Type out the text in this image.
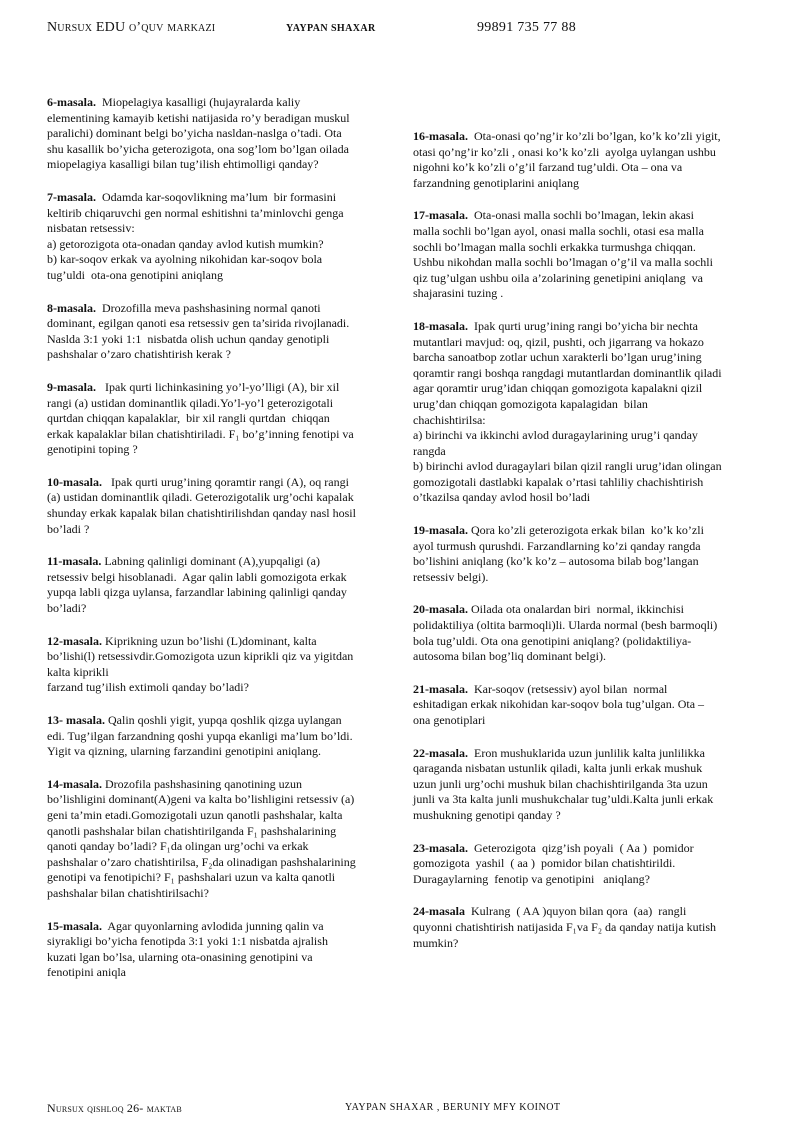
Nursux EDU o’quv markazi	YAYPAN SHAXAR	99891 735 77 88
6-masala.  Miopelagiya kasalligi (hujayralarda kaliy
elementining kamayib ketishi natijasida ro’y beradigan muskul
paralichi) dominant belgi bo’yicha nasldan-naslga o’tadi. Ota
shu kasallik bo’yicha geterozigota, ona sog’lom bo’lgan oilada
miopelagiya kasalligi bilan tug’ilish ehtimolligi qanday?
7-masala.  Odamda kar-soqovlikning ma’lum  bir formasini
keltirib chiqaruvchi gen normal eshitishni ta’minlovchi genga
nisbatan retsessiv:
a) getorozigota ota-onadan qanday avlod kutish mumkin?
b) kar-soqov erkak va ayolning nikohidan kar-soqov bola
tug’uldi  ota-ona genotipini aniqlang
8-masala.  Drozofilla meva pashshasining normal qanoti
dominant, egilgan qanoti esa retsessiv gen ta’sirida rivojlanadi.
Naslda 3:1 yoki 1:1  nisbatda olish uchun qanday genotipli
pashshalar o’zaro chatishtirish kerak ?
9-masala.   Ipak qurti lichinkasining yo’l-yo’lligi (A), bir xil
rangi (a) ustidan dominantlik qiladi.Yo’l-yo’l geterozigotali
qurtdan chiqqan kapalaklar,  bir xil rangli qurtdan  chiqqan
erkak kapalaklar bilan chatishtiriladi. F₁ bo’g’inning fenotipi va
genotipini toping ?
10-masala.   Ipak qurti urug’ining qoramtir rangi (A), oq rangi
(a) ustidan dominantlik qiladi. Geterozigotalik urg’ochi kapalak
shunday erkak kapalak bilan chatishtirilishdan qanday nasl hosil
bo’ladi ?
11-masala. Labning qalinligi dominant (A),yupqaligi (a)
retsessiv belgi hisoblanadi.  Agar qalin labli gomozigota erkak
yupqa labli qizga uylansa, farzandlar labining qalinligi qanday
bo’ladi?
12-masala. Kiprikning uzun bo’lishi (L)dominant, kalta
bo’lishi(l) retsessivdir.Gomozigota uzun kiprikli qiz va yigitdan
kalta kiprikli
farzand tug’ilish extimoli qanday bo’ladi?
13- masala. Qalin qoshli yigit, yupqa qoshlik qizga uylangan
edi. Tug’ilgan farzandning qoshi yupqa ekanligi ma’lum bo’ldi.
Yigit va qizning, ularning farzandini genotipini aniqlang.
14-masala. Drozofila pashshasining qanotining uzun
bo’lishligini dominant(A)geni va kalta bo’lishligini retsessiv (a)
geni ta’min etadi.Gomozigotali uzun qanotli pashshalar, kalta
qanotli pashshalar bilan chatishtirilganda F₁ pashshalarining
qanoti qanday bo’ladi? F₁da olingan urg’ochi va erkak
pashshalar o’zaro chatishtirilsa, F₂da olinadigan pashshalarining
genotipi va fenotipichi? F₁ pashshalari uzun va kalta qanotli
pashshalar bilan chatishtirilsachi?
15-masala.  Agar quyonlarning avlodida junning qalin va
siyrakligi bo’yicha fenotipda 3:1 yoki 1:1 nisbatda ajralish
kuzati lgan bo’lsa, ularning ota-onasining genotipini va
fenotipini aniqla
16-masala.  Ota-onasi qo’ng’ir ko’zli bo’lgan, ko’k ko’zli yigit,
otasi qo’ng’ir ko’zli , onasi ko’k ko’zli  ayolga uylangan ushbu
nigohni ko’k ko’zli o’g’il farzand tug’uldi. Ota – ona va
farzandning genotiplarini aniqlang
17-masala.  Ota-onasi malla sochli bo’lmagan, lekin akasi
malla sochli bo’lgan ayol, onasi malla sochli, otasi esa malla
sochli bo’lmagan malla sochli erkakka turmushga chiqqan.
Ushbu nikohdan malla sochli bo’lmagan o’g’il va malla sochli
qiz tug’ulgan ushbu oila a’zolarining genetipini aniqlang  va
shajarasini tuzing .
18-masala.  Ipak qurti urug’ining rangi bo’yicha bir nechta
mutantlari mavjud: oq, qizil, pushti, och jigarrang va hokazo
barcha sanoatbop zotlar uchun xarakterli bo’lgan urug’ining
qoramtir rangi boshqa rangdagi mutantlardan dominantlik qiladi
agar qoramtir urug’idan chiqqan gomozigota kapalakni qizil
urug’dan chiqqan gomozigota kapalagidan  bilan
chachishtirilsa:
a) birinchi va ikkinchi avlod duragaylarining urug’i qanday
rangda
b) birinchi avlod duragaylari bilan qizil rangli urug’idan olingan
gomozigotali dastlabki kapalak o’rtasi tahliliy chachishtirish
o’tkazilsa qanday avlod hosil bo’ladi
19-masala. Qora ko’zli geterozigota erkak bilan  ko’k ko’zli
ayol turmush qurushdi. Farzandlarning ko’zi qanday rangda
bo’lishini aniqlang (ko’k ko’z – autosoma bilab bog’langan
retsessiv belgi).
20-masala. Oilada ota onalardan biri  normal, ikkinchisi
polidaktiliya (oltita barmoqli)li. Ularda normal (besh barmoqli)
bola tug’uldi. Ota ona genotipini aniqlang? (polidaktiliya-
autosoma bilan bog’liq dominant belgi).
21-masala.  Kar-soqov (retsessiv) ayol bilan  normal
eshitadigan erkak nikohidan kar-soqov bola tug’ulgan. Ota –
ona genotiplari
22-masala.  Eron mushuklarida uzun junlilik kalta junlilikka
qaraganda nisbatan ustunlik qiladi, kalta junli erkak mushuk
uzun junli urg’ochi mushuk bilan chachishtirilganda 3ta uzun
junli va 3ta kalta junli mushukchalar tug’uldi.Kalta junli erkak
mushukning genotipi qanday ?
23-masala.  Geterozigota  qizg’ish poyali  ( Aa )  pomidor
gomozigota  yashil  ( aa )  pomidor bilan chatishtirildi.
Duragaylarning  fenotip va genotipini   aniqlang?
24-masala  Kulrang  ( AA )quyon bilan qora  (aa)  rangli
quyonni chatishtirish natijasida F₁va F₂ da qanday natija kutish
mumkin?
Nursux qishloq 26- maktab	YAYPAN SHAXAR , BERUNIY MFY KOINOT
